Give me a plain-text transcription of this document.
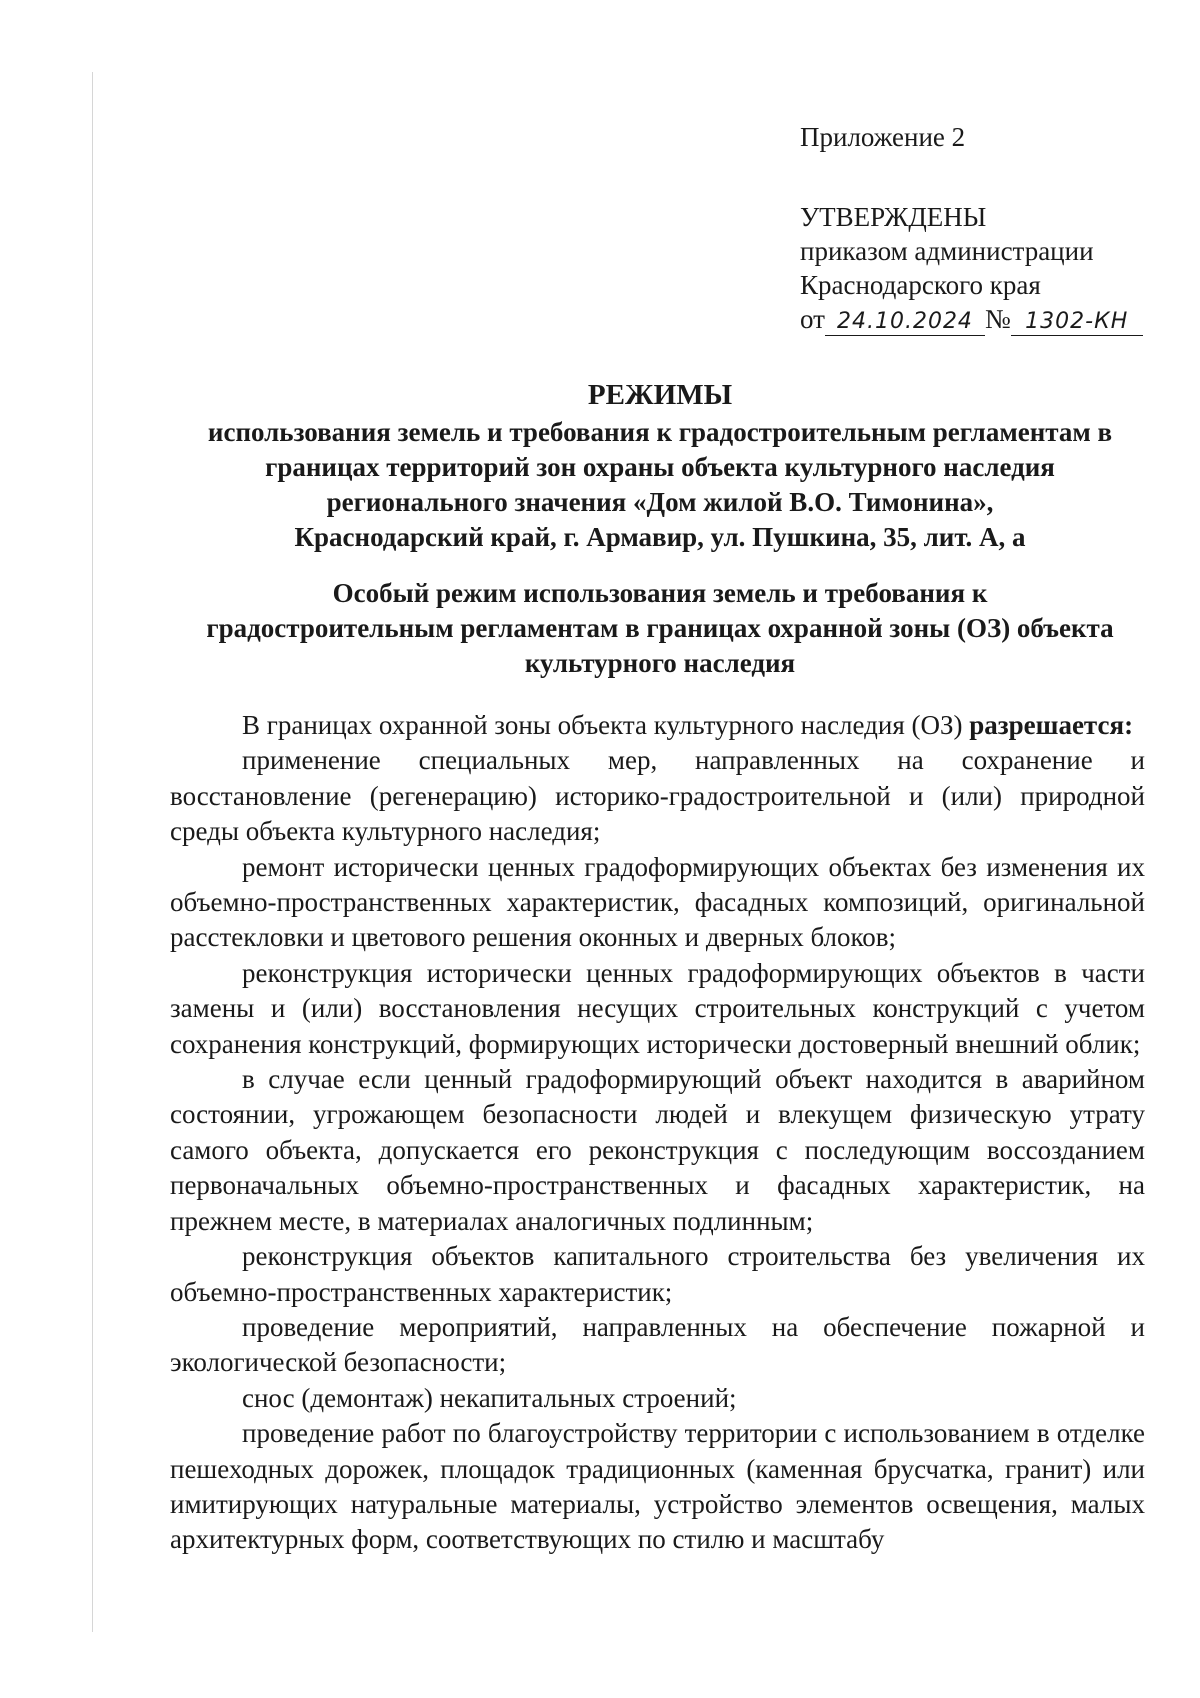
Приложение 2
УТВЕРЖДЕНЫ
приказом администрации
Краснодарского края
от 24.10.2024 № 1302-КН
РЕЖИМЫ
использования земель и требования к градостроительным регламентам в
границах территорий зон охраны объекта культурного наследия
регионального значения «Дом жилой В.О. Тимонина»,
Краснодарский край, г. Армавир, ул. Пушкина, 35, лит. А, а
Особый режим использования земель и требования к
градостроительным регламентам в границах охранной зоны (ОЗ) объекта
культурного наследия

В границах охранной зоны объекта культурного наследия (ОЗ) разрешается:

применение специальных мер, направленных на сохранение и восстановление (регенерацию) историко-градостроительной и (или) природной среды объекта культурного наследия;

ремонт исторически ценных градоформирующих объектах без изменения их объемно-пространственных характеристик, фасадных композиций, оригинальной расстекловки и цветового решения оконных и дверных блоков;

реконструкция исторически ценных градоформирующих объектов в части замены и (или) восстановления несущих строительных конструкций с учетом сохранения конструкций, формирующих исторически достоверный внешний облик;

в случае если ценный градоформирующий объект находится в аварийном состоянии, угрожающем безопасности людей и влекущем физическую утрату самого объекта, допускается его реконструкция с последующим воссозданием первоначальных объемно-пространственных и фасадных характеристик, на прежнем месте, в материалах аналогичных подлинным;

реконструкция объектов капитального строительства без увеличения их объемно-пространственных характеристик;

проведение мероприятий, направленных на обеспечение пожарной и экологической безопасности;

снос (демонтаж) некапитальных строений;

проведение работ по благоустройству территории с использованием в отделке пешеходных дорожек, площадок традиционных (каменная брусчатка, гранит) или имитирующих натуральные материалы, устройство элементов освещения, малых архитектурных форм, соответствующих по стилю и масштабу
